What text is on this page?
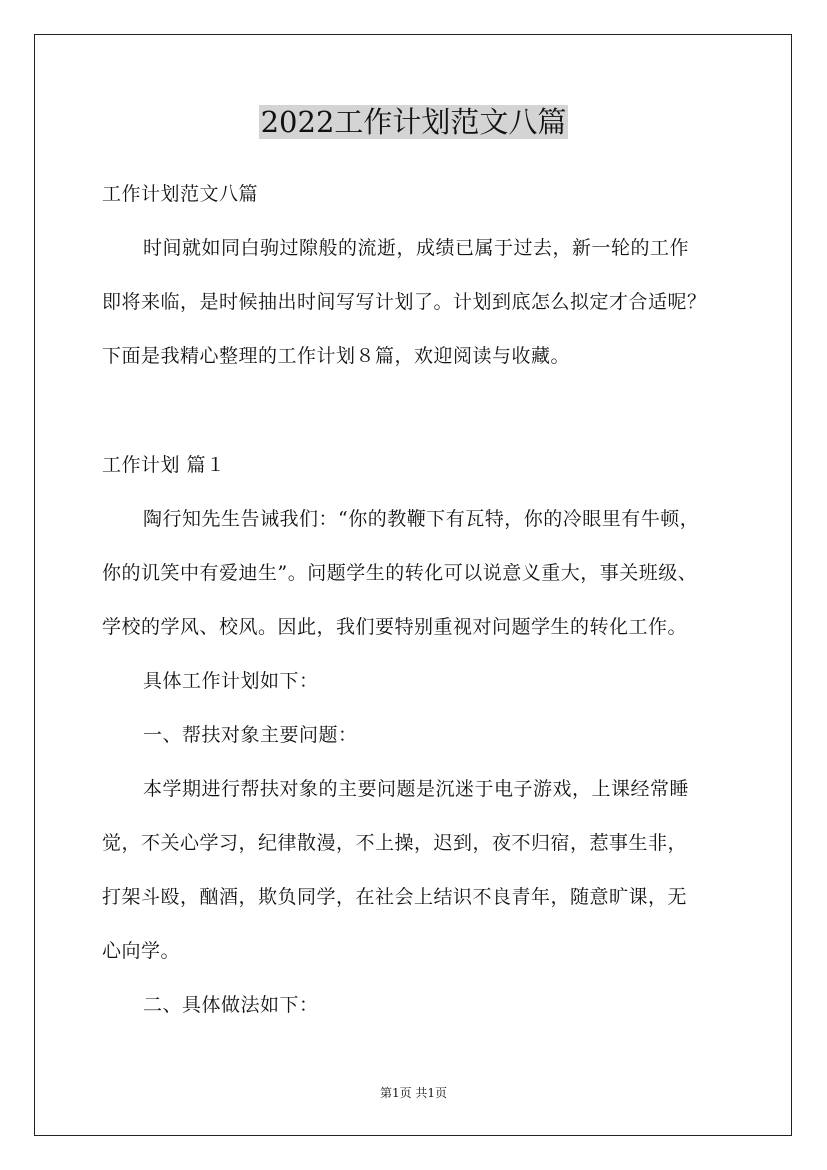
2022工作计划范文八篇
工作计划范文八篇
时间就如同白驹过隙般的流逝，成绩已属于过去，新一轮的工作
即将来临，是时候抽出时间写写计划了。计划到底怎么拟定才合适呢？
下面是我精心整理的工作计划８篇，欢迎阅读与收藏。
工作计划 篇１
陶行知先生告诫我们：“你的教鞭下有瓦特，你的冷眼里有牛顿，
你的讥笑中有爱迪生”。问题学生的转化可以说意义重大，事关班级、
学校的学风、校风。因此，我们要特别重视对问题学生的转化工作。
具体工作计划如下：
一、帮扶对象主要问题：
本学期进行帮扶对象的主要问题是沉迷于电子游戏，上课经常睡
觉，不关心学习，纪律散漫，不上操，迟到，夜不归宿，惹事生非，
打架斗殴，酗酒，欺负同学，在社会上结识不良青年，随意旷课，无
心向学。
二、具体做法如下：
第1页 共1页
